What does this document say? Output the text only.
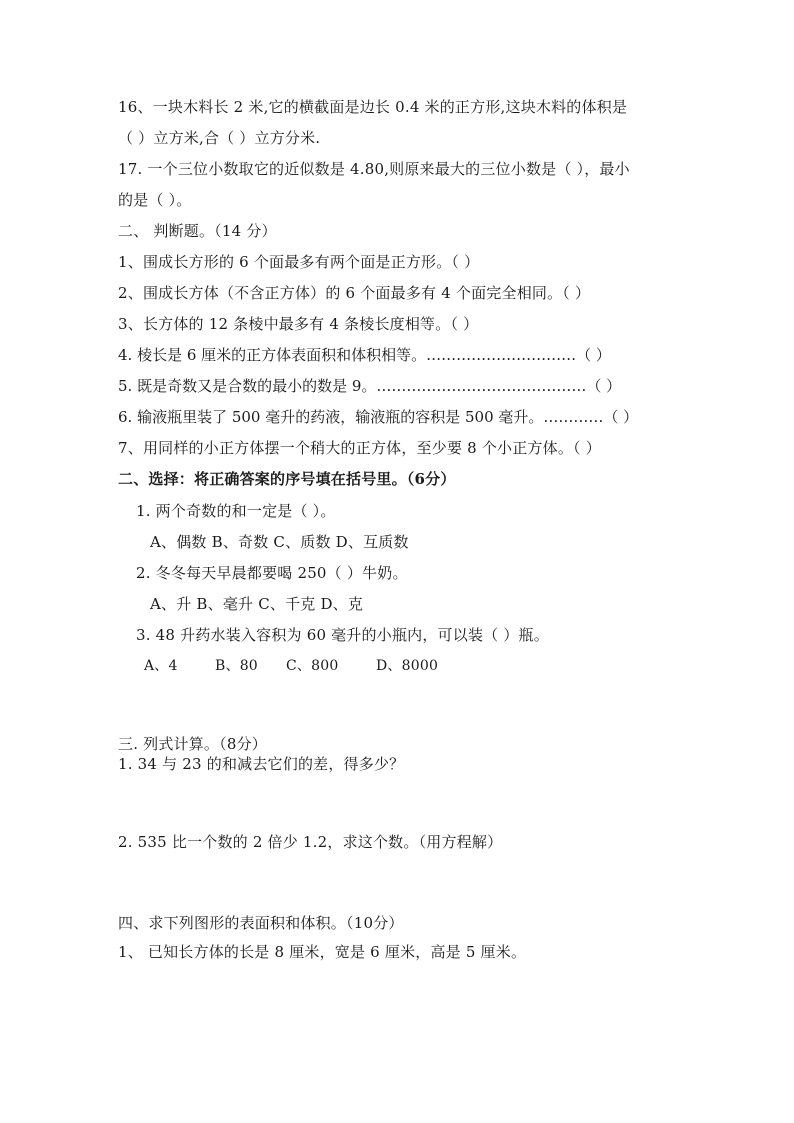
16、一块木料长 2 米,它的横截面是边长 0.4 米的正方形,这块木料的体积是
（ ）立方米,合（ ）立方分米.
17. 一个三位小数取它的近似数是 4.80,则原来最大的三位小数是（ ），最小
的是（ ）。
二、 判断题。（14 分）
1、围成长方形的 6 个面最多有两个面是正方形。（ ）
2、围成长方体（不含正方体）的 6 个面最多有 4 个面完全相同。（ ）
3、长方体的 12 条棱中最多有 4 条棱长度相等。（ ）
4. 棱长是 6 厘米的正方体表面积和体积相等。…………………………（ ）
5. 既是奇数又是合数的最小的数是 9。……………………………………（ ）
6. 输液瓶里装了 500 毫升的药液，输液瓶的容积是 500 毫升。…………（ ）
7、用同样的小正方体摆一个稍大的正方体，至少要 8 个小正方体。（ ）
二、选择：将正确答案的序号填在括号里。（6分）
1. 两个奇数的和一定是（ ）。
A、偶数 B、奇数 C、质数 D、互质数
2. 冬冬每天早晨都要喝 250（ ）牛奶。
A、升 B、毫升 C、千克 D、克
3. 48 升药水装入容积为 60 毫升的小瓶内，可以装（ ）瓶。
A、4	B、80 C、800	D、8000
三. 列式计算。（8分）
1. 34 与 23 的和减去它们的差，得多少？
2. 535 比一个数的 2 倍少 1.2，求这个数。（用方程解）
四、求下列图形的表面积和体积。（10分）
1、 已知长方体的长是 8 厘米，宽是 6 厘米，高是 5 厘米。
